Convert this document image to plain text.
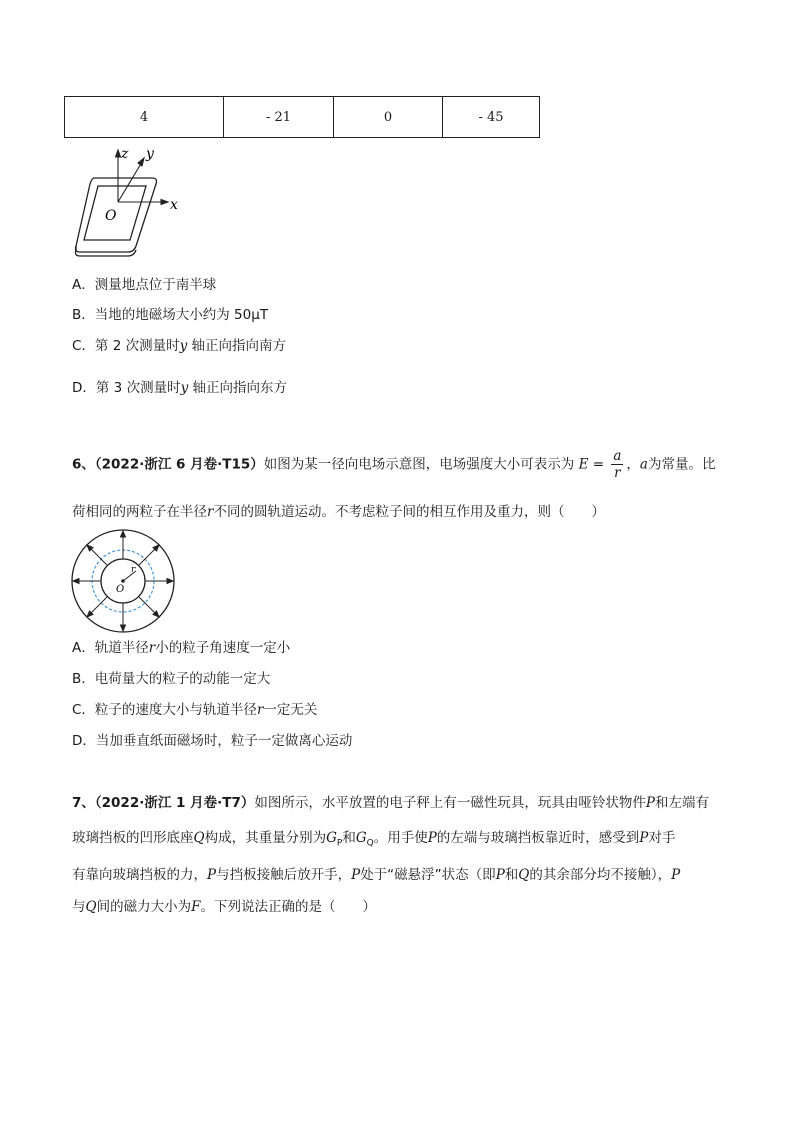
4	- 21	0	- 45
z y
x
O
A．测量地点位于南半球
B．当地的地磁场大小约为 50μT
C．第 2 次测量时y 轴正向指向南方
D．第 3 次测量时y 轴正向指向东方
6、（2022·浙江 6 月卷·T15）如图为某一径向电场示意图，电场强度大小可表示为 $E = \frac{a}{r}$ ，a为常量。比
荷相同的两粒子在半径r不同的圆轨道运动。不考虑粒子间的相互作用及重力，则（　　）
O
r
A．轨道半径r小的粒子角速度一定小
B．电荷量大的粒子的动能一定大
C．粒子的速度大小与轨道半径r一定无关
D．当加垂直纸面磁场时，粒子一定做离心运动
7、（2022·浙江 1 月卷·T7）如图所示，水平放置的电子秤上有一磁性玩具，玩具由哑铃状物件P和左端有
玻璃挡板的凹形底座Q构成，其重量分别为$G_P$和$G_Q$。用手使P的左端与玻璃挡板靠近时，感受到P对手
有靠向玻璃挡板的力，P与挡板接触后放开手，P处于“磁悬浮”状态（即P和Q的其余部分均不接触），P
与Q间的磁力大小为F。下列说法正确的是（　　）
